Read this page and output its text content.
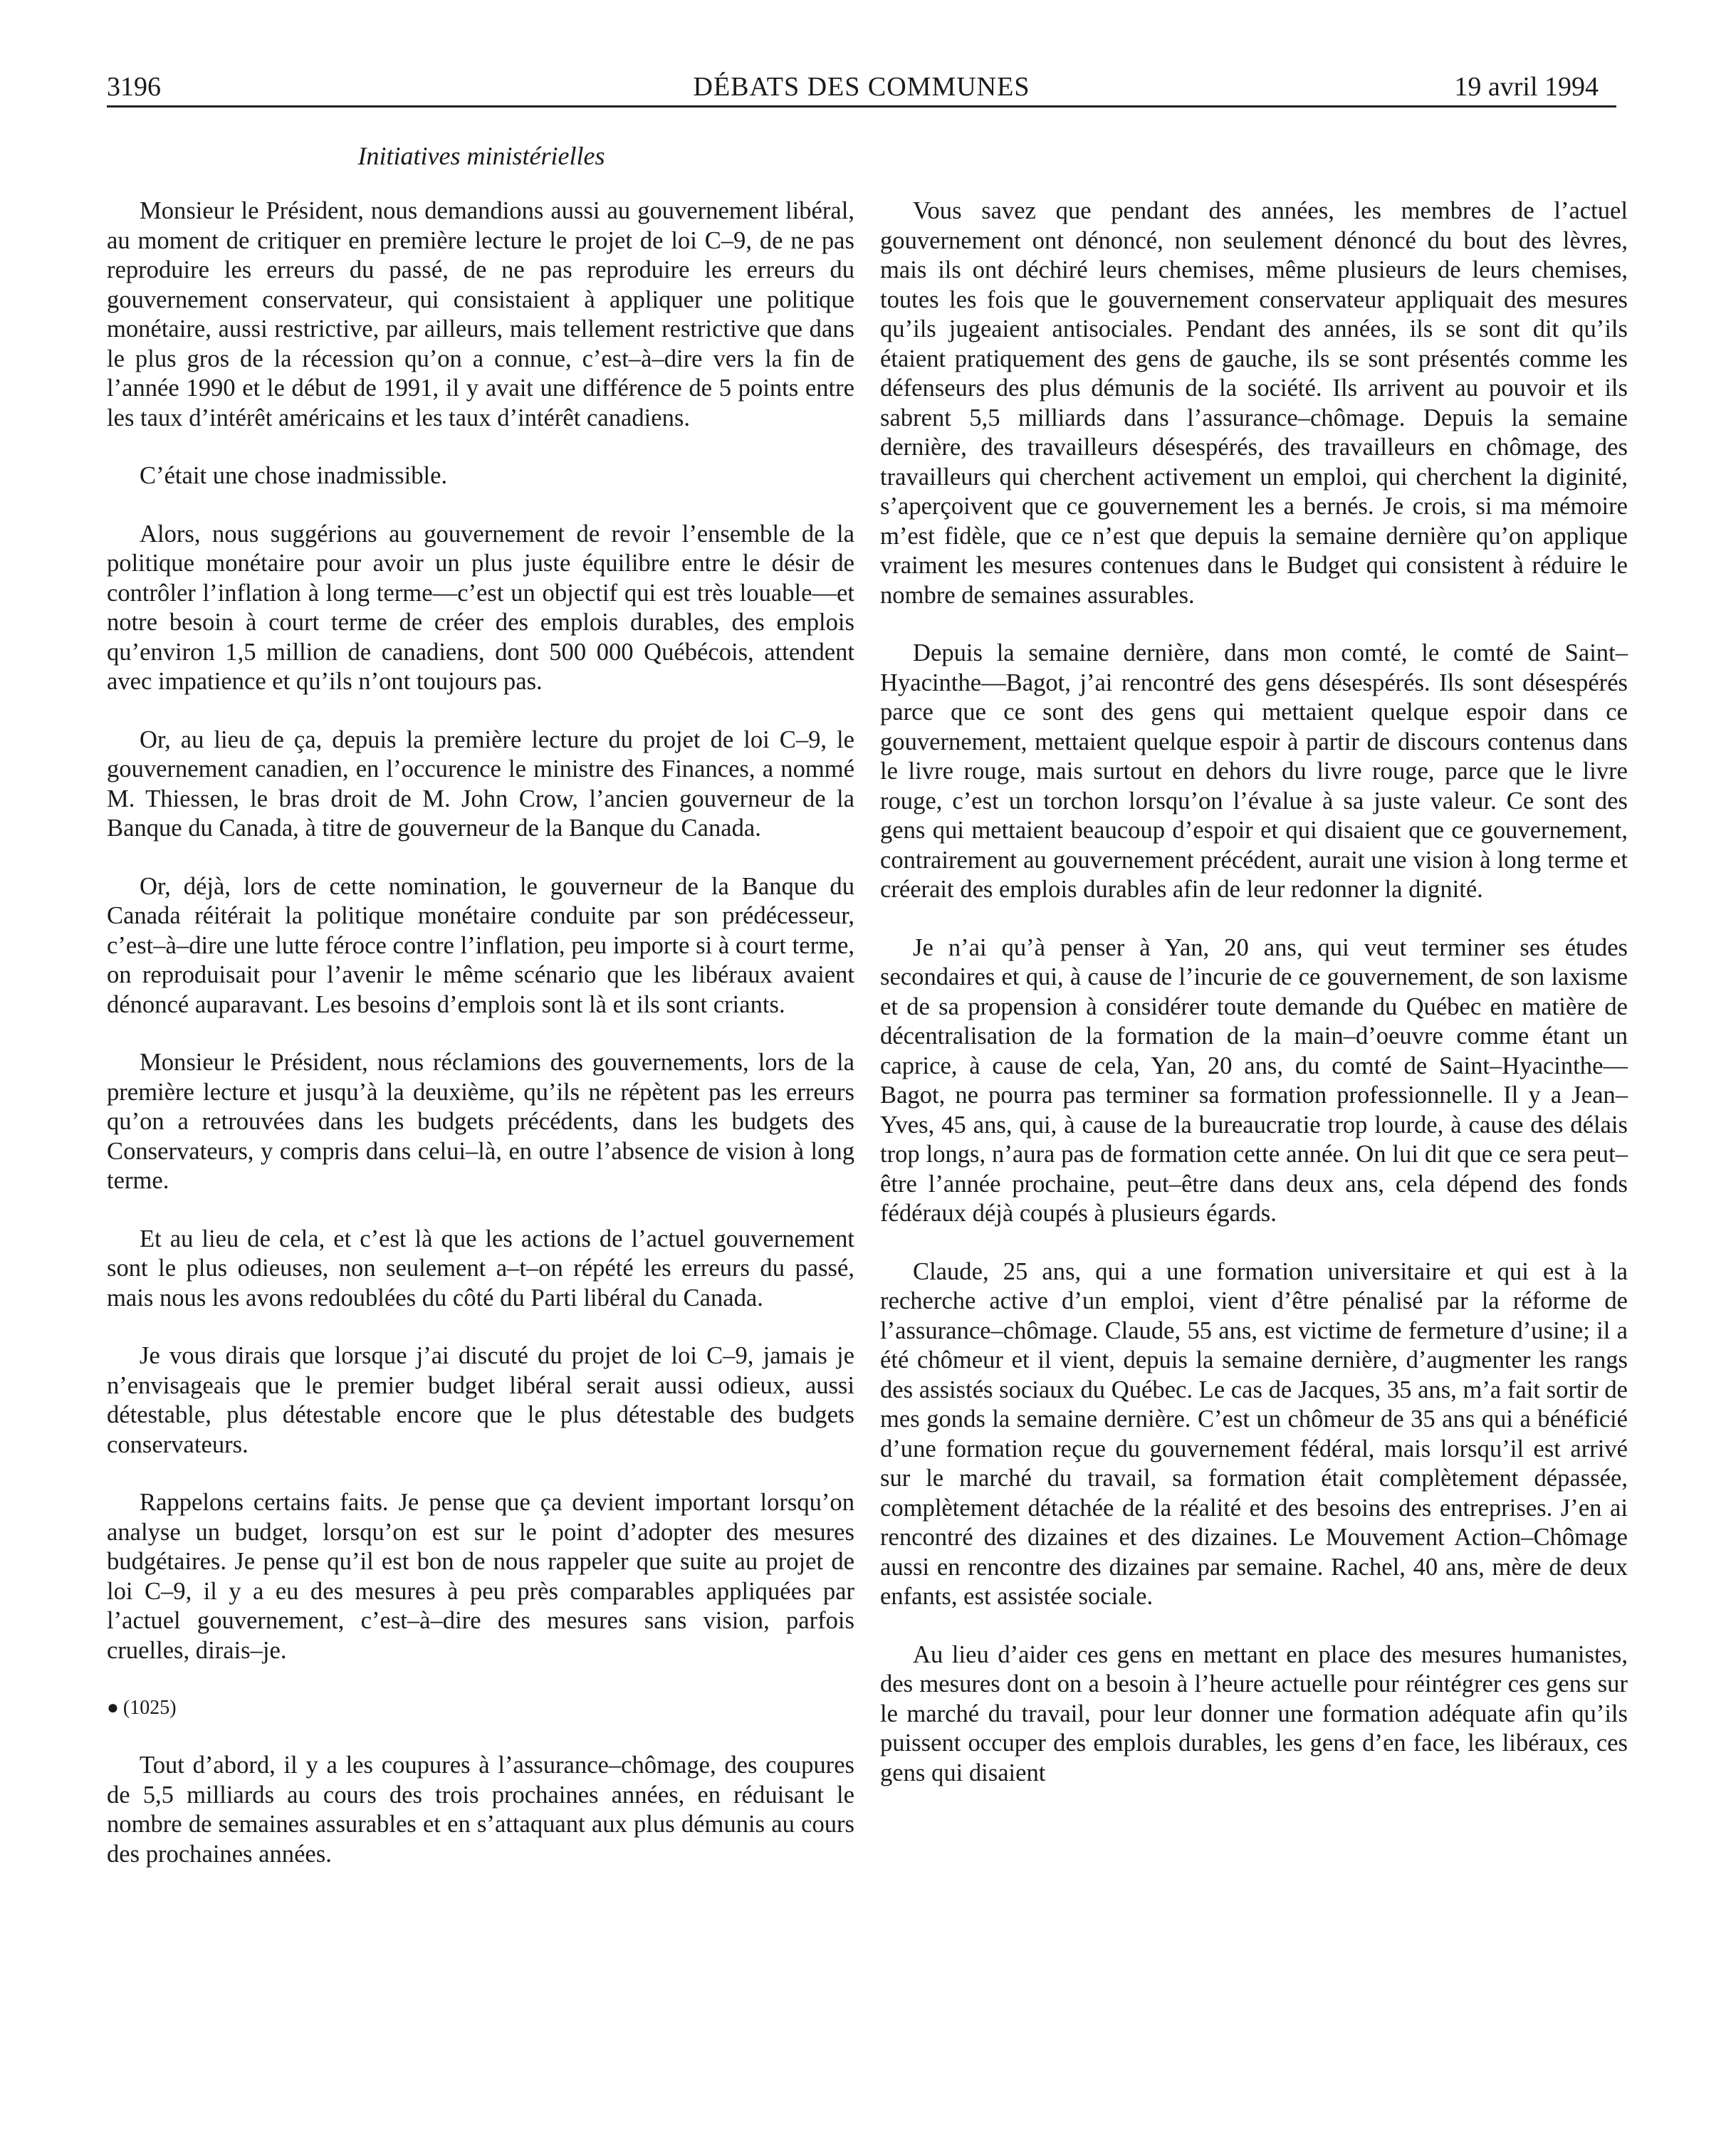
3196	DÉBATS DES COMMUNES	19 avril 1994
Initiatives ministérielles

Monsieur le Président, nous demandions aussi au gouvernement libéral, au moment de critiquer en première lecture le projet de loi C–9, de ne pas reproduire les erreurs du passé, de ne pas reproduire les erreurs du gouvernement conservateur, qui consistaient à appliquer une politique monétaire, aussi restrictive, par ailleurs, mais tellement restrictive que dans le plus gros de la récession qu’on a connue, c’est–à–dire vers la fin de l’année 1990 et le début de 1991, il y avait une différence de 5 points entre les taux d’intérêt américains et les taux d’intérêt canadiens.

C’était une chose inadmissible.

Alors, nous suggérions au gouvernement de revoir l’ensemble de la politique monétaire pour avoir un plus juste équilibre entre le désir de contrôler l’inflation à long terme—c’est un objectif qui est très louable—et notre besoin à court terme de créer des emplois durables, des emplois qu’environ 1,5 million de canadiens, dont 500 000 Québécois, attendent avec impatience et qu’ils n’ont toujours pas.

Or, au lieu de ça, depuis la première lecture du projet de loi C–9, le gouvernement canadien, en l’occurence le ministre des Finances, a nommé M. Thiessen, le bras droit de M. John Crow, l’ancien gouverneur de la Banque du Canada, à titre de gouverneur de la Banque du Canada.

Or, déjà, lors de cette nomination, le gouverneur de la Banque du Canada réitérait la politique monétaire conduite par son prédécesseur, c’est–à–dire une lutte féroce contre l’inflation, peu importe si à court terme, on reproduisait pour l’avenir le même scénario que les libéraux avaient dénoncé auparavant. Les besoins d’emplois sont là et ils sont criants.

Monsieur le Président, nous réclamions des gouvernements, lors de la première lecture et jusqu’à la deuxième, qu’ils ne répètent pas les erreurs qu’on a retrouvées dans les budgets précédents, dans les budgets des Conservateurs, y compris dans celui–là, en outre l’absence de vision à long terme.

Et au lieu de cela, et c’est là que les actions de l’actuel gouvernement sont le plus odieuses, non seulement a–t–on répété les erreurs du passé, mais nous les avons redoublées du côté du Parti libéral du Canada.

Je vous dirais que lorsque j’ai discuté du projet de loi C–9, jamais je n’envisageais que le premier budget libéral serait aussi odieux, aussi détestable, plus détestable encore que le plus détestable des budgets conservateurs.

Rappelons certains faits. Je pense que ça devient important lorsqu’on analyse un budget, lorsqu’on est sur le point d’adopter des mesures budgétaires. Je pense qu’il est bon de nous rappeler que suite au projet de loi C–9, il y a eu des mesures à peu près comparables appliquées par l’actuel gouvernement, c’est–à–dire des mesures sans vision, parfois cruelles, dirais–je.

● (1025)

Tout d’abord, il y a les coupures à l’assurance–chômage, des coupures de 5,5 milliards au cours des trois prochaines années, en réduisant le nombre de semaines assurables et en s’attaquant aux plus démunis au cours des prochaines années.

Vous savez que pendant des années, les membres de l’actuel gouvernement ont dénoncé, non seulement dénoncé du bout des lèvres, mais ils ont déchiré leurs chemises, même plusieurs de leurs chemises, toutes les fois que le gouvernement conservateur appliquait des mesures qu’ils jugeaient antisociales. Pendant des années, ils se sont dit qu’ils étaient pratiquement des gens de gauche, ils se sont présentés comme les défenseurs des plus démunis de la société. Ils arrivent au pouvoir et ils sabrent 5,5 milliards dans l’assurance–chômage. Depuis la semaine dernière, des travailleurs désespérés, des travailleurs en chômage, des travailleurs qui cherchent activement un emploi, qui cherchent la diginité, s’aperçoivent que ce gouvernement les a bernés. Je crois, si ma mémoire m’est fidèle, que ce n’est que depuis la semaine dernière qu’on applique vraiment les mesures contenues dans le Budget qui consistent à réduire le nombre de semaines assurables.

Depuis la semaine dernière, dans mon comté, le comté de Saint–Hyacinthe—Bagot, j’ai rencontré des gens désespérés. Ils sont désespérés parce que ce sont des gens qui mettaient quelque espoir dans ce gouvernement, mettaient quelque espoir à partir de discours contenus dans le livre rouge, mais surtout en dehors du livre rouge, parce que le livre rouge, c’est un torchon lorsqu’on l’évalue à sa juste valeur. Ce sont des gens qui mettaient beaucoup d’espoir et qui disaient que ce gouvernement, contrairement au gouvernement précédent, aurait une vision à long terme et créerait des emplois durables afin de leur redonner la dignité.

Je n’ai qu’à penser à Yan, 20 ans, qui veut terminer ses études secondaires et qui, à cause de l’incurie de ce gouvernement, de son laxisme et de sa propension à considérer toute demande du Québec en matière de décentralisation de la formation de la main–d’oeuvre comme étant un caprice, à cause de cela, Yan, 20 ans, du comté de Saint–Hyacinthe—Bagot, ne pourra pas terminer sa formation professionnelle. Il y a Jean–Yves, 45 ans, qui, à cause de la bureaucratie trop lourde, à cause des délais trop longs, n’aura pas de formation cette année. On lui dit que ce sera peut–être l’année prochaine, peut–être dans deux ans, cela dépend des fonds fédéraux déjà coupés à plusieurs égards.

Claude, 25 ans, qui a une formation universitaire et qui est à la recherche active d’un emploi, vient d’être pénalisé par la réforme de l’assurance–chômage. Claude, 55 ans, est victime de fermeture d’usine; il a été chômeur et il vient, depuis la semaine dernière, d’augmenter les rangs des assistés sociaux du Québec. Le cas de Jacques, 35 ans, m’a fait sortir de mes gonds la semaine dernière. C’est un chômeur de 35 ans qui a bénéficié d’une formation reçue du gouvernement fédéral, mais lorsqu’il est arrivé sur le marché du travail, sa formation était complètement dépassée, complètement détachée de la réalité et des besoins des entreprises. J’en ai rencontré des dizaines et des dizaines. Le Mouvement Action–Chômage aussi en rencontre des dizaines par semaine. Rachel, 40 ans, mère de deux enfants, est assistée sociale.

Au lieu d’aider ces gens en mettant en place des mesures humanistes, des mesures dont on a besoin à l’heure actuelle pour réintégrer ces gens sur le marché du travail, pour leur donner une formation adéquate afin qu’ils puissent occuper des emplois durables, les gens d’en face, les libéraux, ces gens qui disaient
